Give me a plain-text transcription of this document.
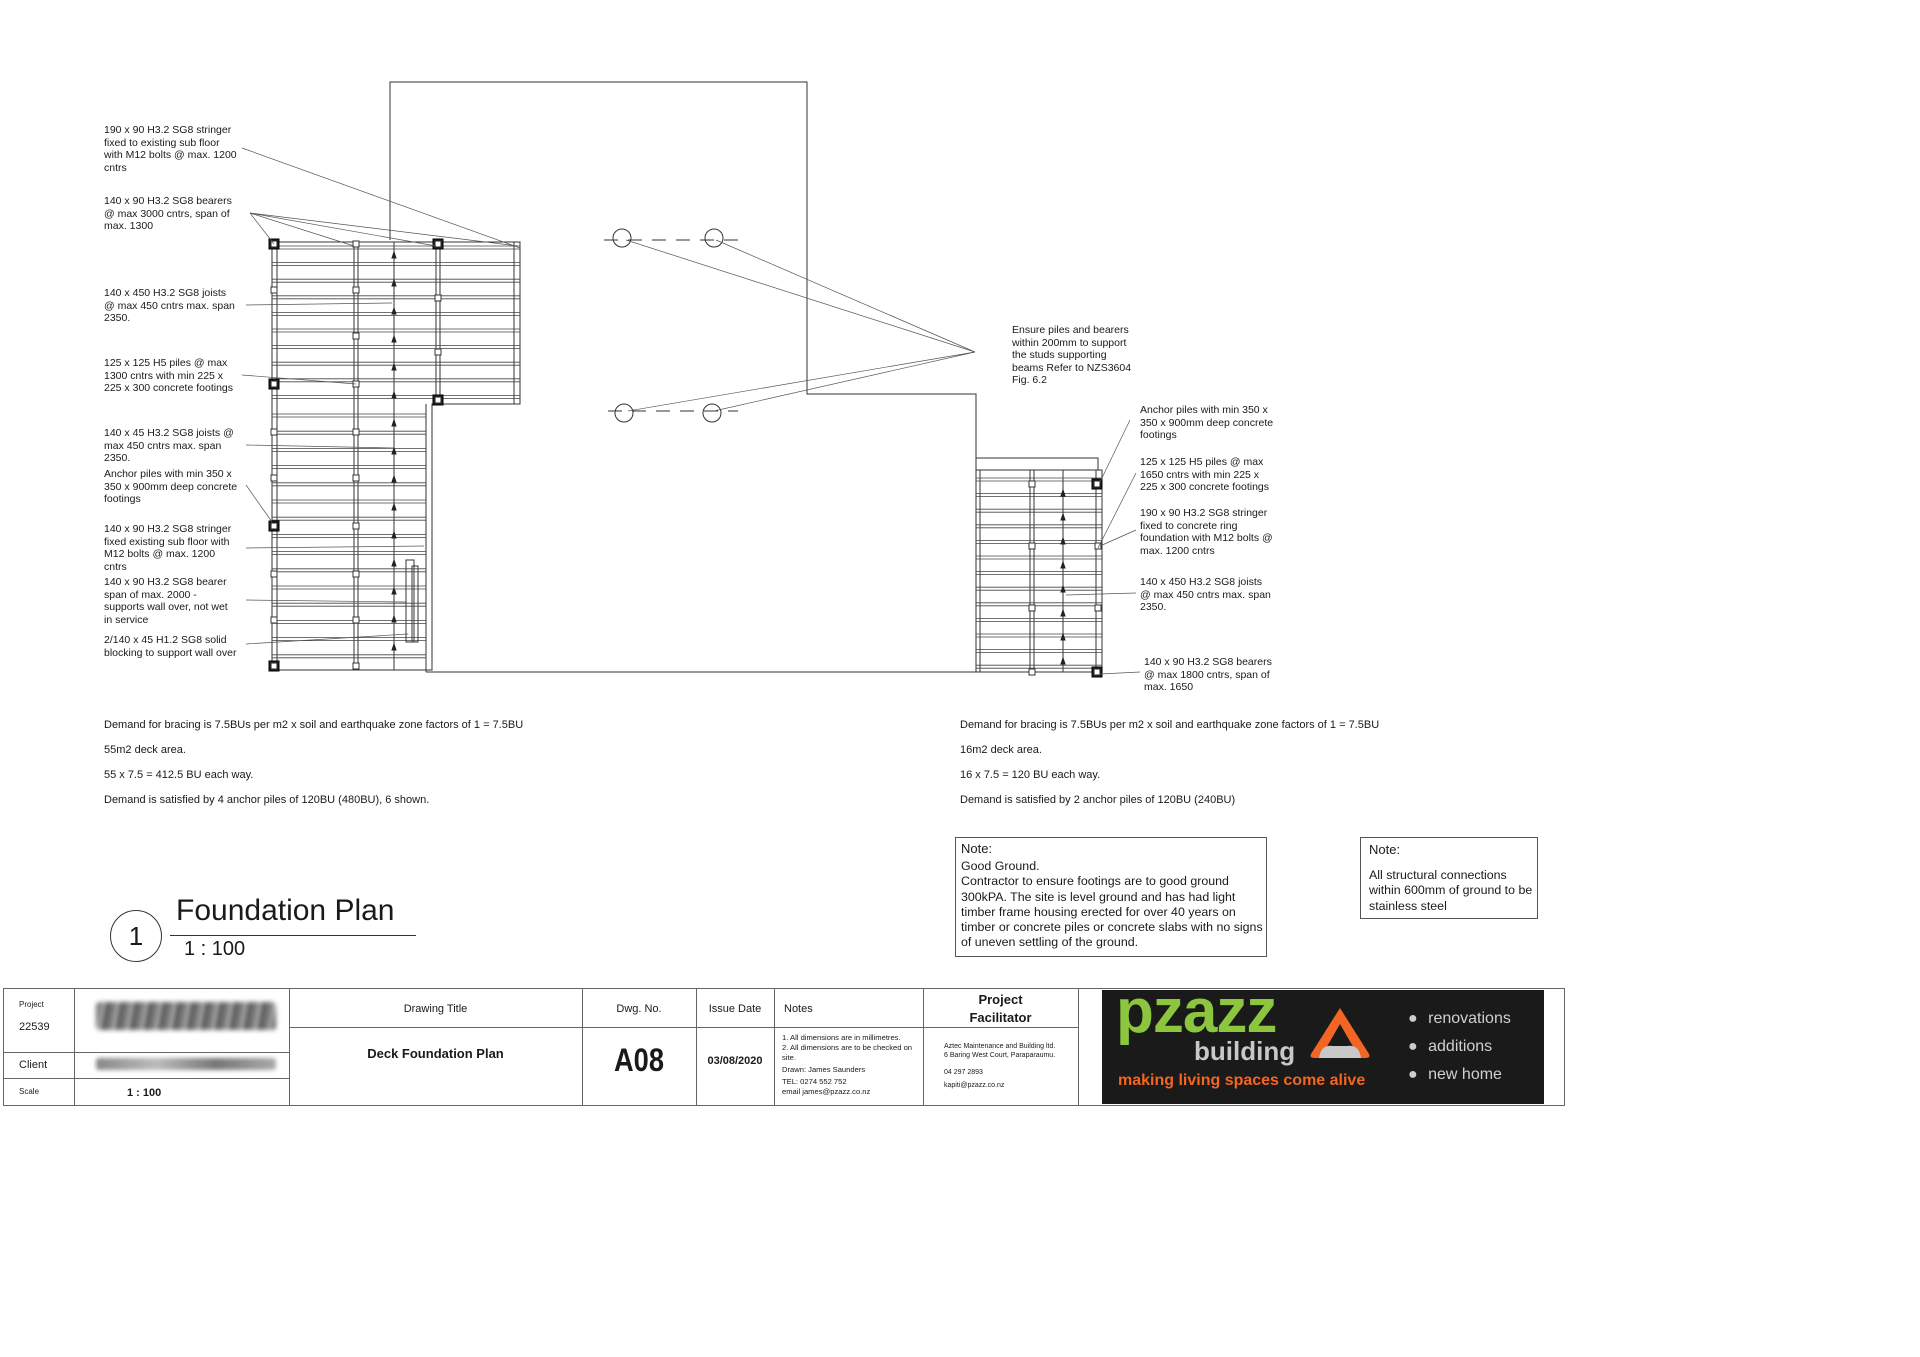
190 x 90 H3.2 SG8 stringer
fixed to existing sub floor
with M12 bolts @ max. 1200
cntrs
140 x 90 H3.2 SG8 bearers
@ max 3000 cntrs, span of
max. 1300
140 x 450 H3.2 SG8 joists
@ max 450 cntrs max. span
2350.
125 x 125 H5 piles @ max
1300 cntrs with min 225 x
225 x 300 concrete footings
140 x 45 H3.2 SG8 joists @
max 450 cntrs max. span
2350.
Anchor piles with min 350 x
350 x 900mm deep concrete
footings
140 x 90 H3.2 SG8 stringer
fixed existing sub floor with
M12 bolts @ max. 1200
cntrs
140 x 90 H3.2 SG8 bearer
span of max. 2000 -
supports wall over, not wet
in service
2/140 x 45 H1.2 SG8 solid
blocking to support wall over
Ensure piles and bearers
within 200mm to support
the studs supporting
beams Refer to NZS3604
Fig. 6.2
Anchor piles with min 350 x
350 x 900mm deep concrete
footings
125 x 125 H5 piles @ max
1650 cntrs with min 225 x
225 x 300 concrete footings
190 x 90 H3.2 SG8 stringer
fixed to concrete ring
foundation with M12 bolts @
max. 1200 cntrs
140 x 450 H3.2 SG8 joists
@ max 450 cntrs max. span
2350.
140 x 90 H3.2 SG8 bearers
@ max 1800 cntrs, span of
max. 1650
Demand for bracing is 7.5BUs per m2 x soil and earthquake zone factors of 1 = 7.5BU
55m2 deck area.
55 x 7.5 = 412.5 BU each way.
Demand is satisfied by 4 anchor piles of 120BU (480BU), 6 shown.
Demand for bracing is 7.5BUs per m2 x soil and earthquake zone factors of 1 = 7.5BU
16m2 deck area.
16 x 7.5 = 120 BU each way.
Demand is satisfied by 2 anchor piles of 120BU (240BU)
Note:
Good Ground.
Contractor to ensure footings are to good ground 300kPA. The site is level ground and has had light timber frame housing erected for over 40 years on timber or concrete piles or concrete slabs with no signs of uneven settling of the ground.
Note:
All structural connections within 600mm of ground to be stainless steel
1
Foundation Plan
1 : 100
Project
22539
Client
Scale	1 : 100
Drawing Title
Deck Foundation Plan
Dwg. No.
A08
Issue Date
03/08/2020
Notes
1. All dimensions are in millimetres.
2. All dimensions are to be checked on site.
Drawn: James Saunders
TEL: 0274 552 752
email james@pzazz.co.nz
Project
Facilitator
Aztec Maintenance and Building ltd.
6 Baring West Court, Paraparaumu.
04 297 2893
kapiti@pzazz.co.nz
pzazz
building
making living spaces come alive
● renovations
● additions
● new home
